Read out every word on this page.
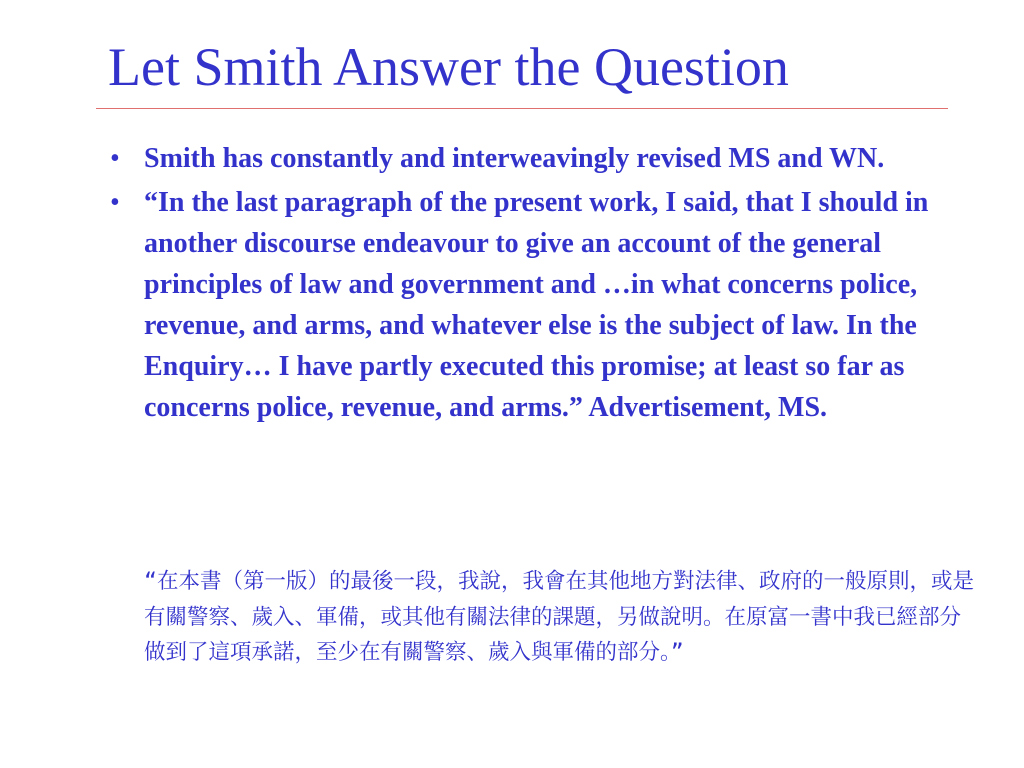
Let Smith Answer the Question
• Smith has constantly and interweavingly revised MS and WN.
• “In the last paragraph of the present work, I said, that I should in another discourse endeavour to give an account of the general principles of law and government and …in what concerns police, revenue, and arms, and whatever else is the subject of law. In the Enquiry… I have partly executed this promise; at least so far as concerns police, revenue, and arms.” Advertisement, MS.

“在本書（第一版）的最後一段，我說，我會在其他地方對法律、政府的一般原則，或是有關警察、歲入、軍備，或其他有關法律的課題，另做說明。在原富一書中我已經部分做到了這項承諾，至少在有關警察、歲入與軍備的部分。”
